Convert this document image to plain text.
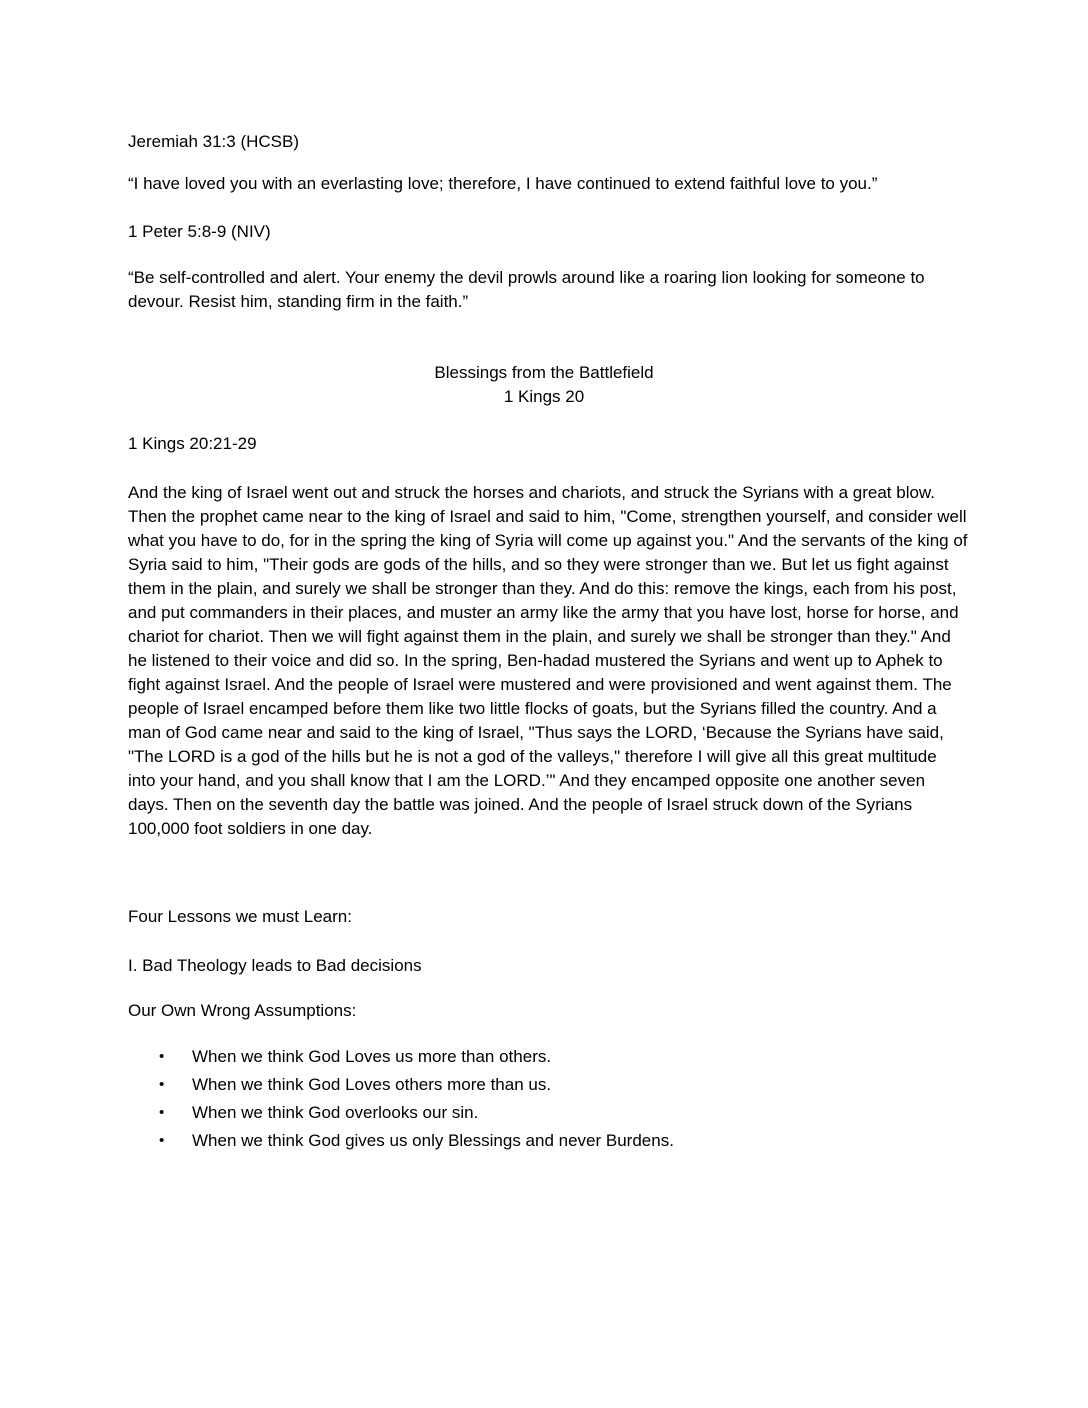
Jeremiah 31:3 (HCSB)

“I have loved you with an everlasting love; therefore, I have continued to extend faithful love to you.”

1 Peter 5:8-9 (NIV)

“Be self-controlled and alert. Your enemy the devil prowls around like a roaring lion looking for someone to devour. Resist him, standing firm in the faith.”

Blessings from the Battlefield

1 Kings 20

1 Kings 20:21-29

And the king of Israel went out and struck the horses and chariots, and struck the Syrians with a great blow. Then the prophet came near to the king of Israel and said to him, "Come, strengthen yourself, and consider well what you have to do, for in the spring the king of Syria will come up against you." And the servants of the king of Syria said to him, "Their gods are gods of the hills, and so they were stronger than we. But let us fight against them in the plain, and surely we shall be stronger than they. And do this: remove the kings, each from his post, and put commanders in their places, and muster an army like the army that you have lost, horse for horse, and chariot for chariot. Then we will fight against them in the plain, and surely we shall be stronger than they." And he listened to their voice and did so. In the spring, Ben-hadad mustered the Syrians and went up to Aphek to fight against Israel. And the people of Israel were mustered and were provisioned and went against them. The people of Israel encamped before them like two little flocks of goats, but the Syrians filled the country. And a man of God came near and said to the king of Israel, "Thus says the LORD, ‘Because the Syrians have said, "The LORD is a god of the hills but he is not a god of the valleys," therefore I will give all this great multitude into your hand, and you shall know that I am the LORD.’" And they encamped opposite one another seven days. Then on the seventh day the battle was joined. And the people of Israel struck down of the Syrians 100,000 foot soldiers in one day.

Four Lessons we must Learn:

I. Bad Theology leads to Bad decisions

Our Own Wrong Assumptions:

• When we think God Loves us more than others.
• When we think God Loves others more than us.
• When we think God overlooks our sin.
• When we think God gives us only Blessings and never Burdens.
